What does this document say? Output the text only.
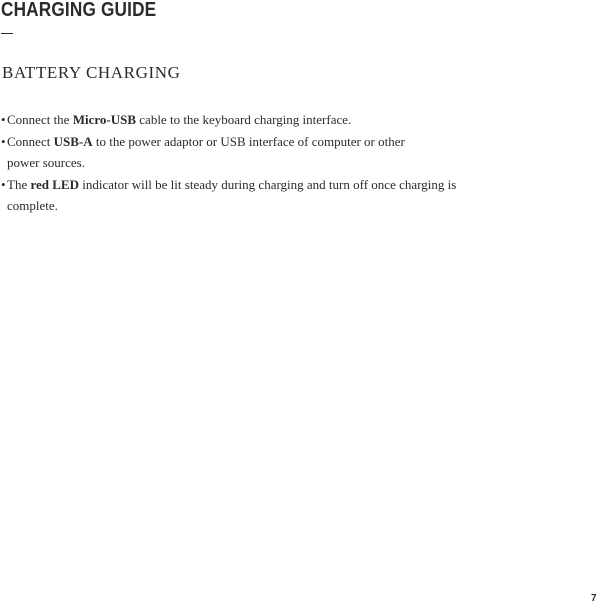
CHARGING GUIDE
BATTERY CHARGING
• Connect the Micro-USB cable to the keyboard charging interface.
• Connect USB-A to the power adaptor or USB interface of computer or other power sources.
• The red LED indicator will be lit steady during charging and turn off once charging is complete.
7
